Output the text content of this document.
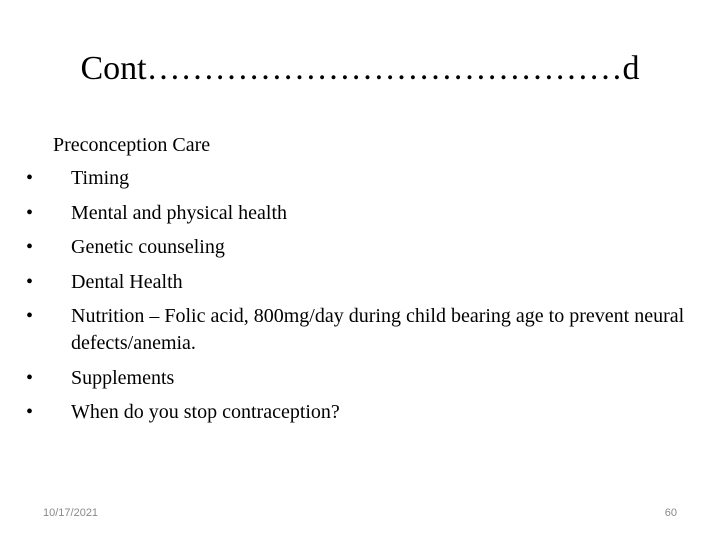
Cont……………………………………d
Preconception Care
•	Timing
•	Mental and physical health
•	Genetic counseling
•	Dental Health
•	Nutrition – Folic acid, 800mg/day during child bearing age to prevent neural defects/anemia.
•	Supplements
•	When do you stop contraception?
10/17/2021	60
